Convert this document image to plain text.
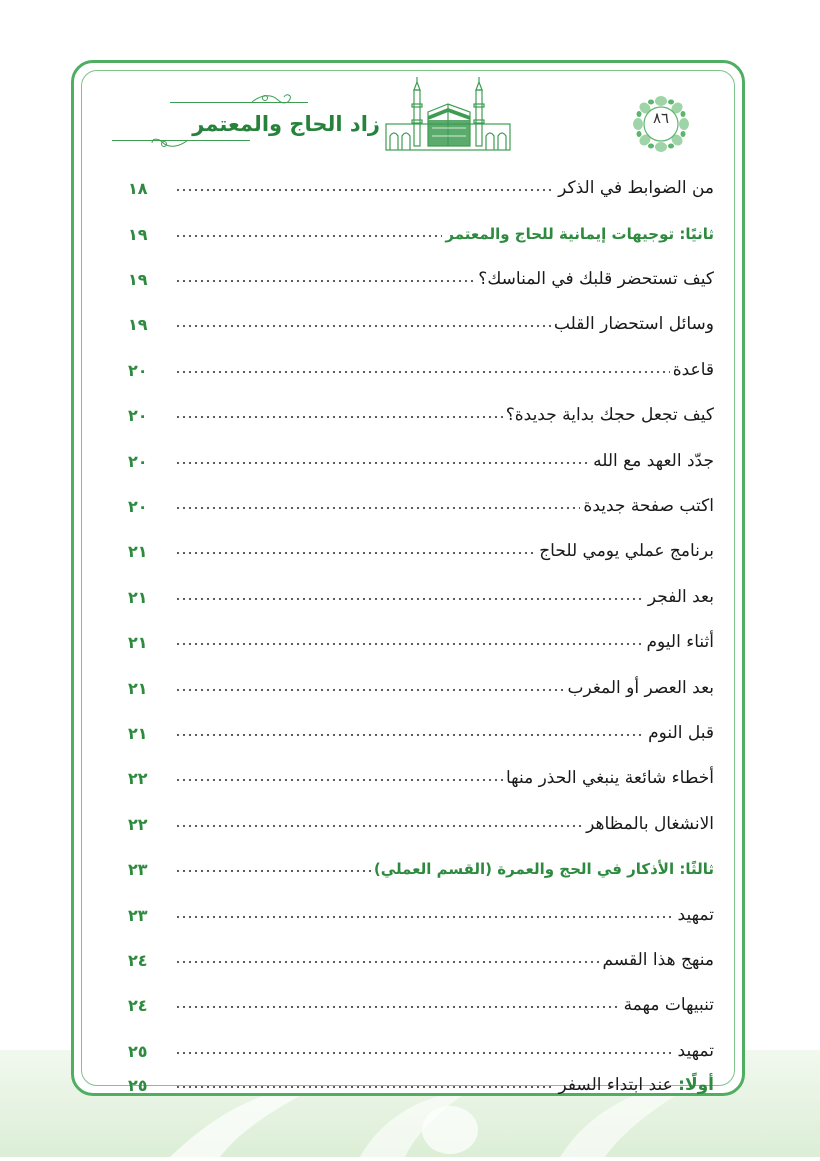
زاد الحاج والمعتمر	٨٦
من الضوابط في الذكر
١٨
ثانيًا: توجيهات إيمانية للحاج والمعتمر
١٩
كيف تستحضر قلبك في المناسك؟
١٩
وسائل استحضار القلب
١٩
قاعدة
٢٠
كيف تجعل حجك بداية جديدة؟
٢٠
جدّد العهد مع الله
٢٠
اكتب صفحة جديدة
٢٠
برنامج عملي يومي للحاج
٢١
بعد الفجر
٢١
أثناء اليوم
٢١
بعد العصر أو المغرب
٢١
قبل النوم
٢١
أخطاء شائعة ينبغي الحذر منها
٢٢
الانشغال بالمظاهر
٢٢
ثالثًا: الأذكار في الحج والعمرة (القسم العملي)
٢٣
تمهيد
٢٣
منهج هذا القسم
٢٤
تنبيهات مهمة
٢٤
تمهيد
٢٥
أولًا: عند ابتداء السفر
٢٥
